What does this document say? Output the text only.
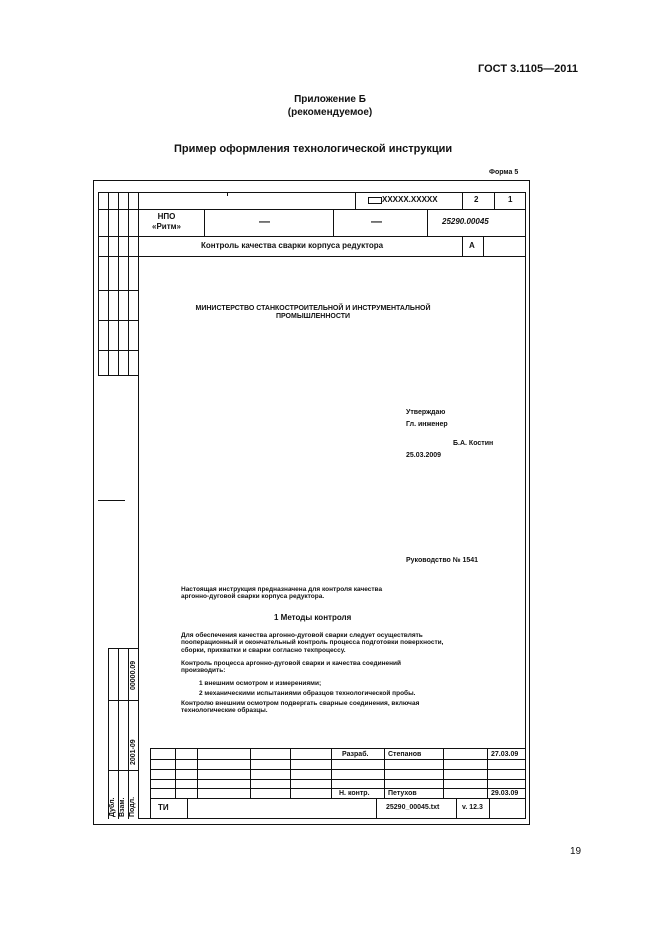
ГОСТ 3.1105—2011
Приложение Б
(рекомендуемое)
Пример оформления технологической инструкции
Форма 5
Дубл. Взам. Подл.
2001-09
00000.09
XXXXX.XXXXX	2	1
НПО
«Ритм»	—	—	25290.00045
Контроль качества сварки корпуса редуктора	А
МИНИСТЕРСТВО СТАНКОСТРОИТЕЛЬНОЙ И ИНСТРУМЕНТАЛЬНОЙ
ПРОМЫШЛЕННОСТИ
Утверждаю
Гл. инженер
Б.А. Костин
25.03.2009
Руководство № 1541
Настоящая инструкция предназначена для контроля качества
аргонно-дуговой сварки корпуса редуктора.
1 Методы контроля
Для обеспечения качества аргонно-дуговой сварки следует осуществлять
пооперационный и окончательный контроль процесса подготовки поверхности,
сборки, прихватки и сварки согласно техпроцессу.
Контроль процесса аргонно-дуговой сварки и качества соединений
производить:
1 внешним осмотром и измерениями;
2 механическими испытаниями образцов технологической пробы.
Контролю внешним осмотром подвергать сварные соединения, включая
технологические образцы.
Разраб.	Степанов	27.03.09
Н. контр.	Петухов	29.03.09
ТИ	25290_00045.txt	v. 12.3
19
